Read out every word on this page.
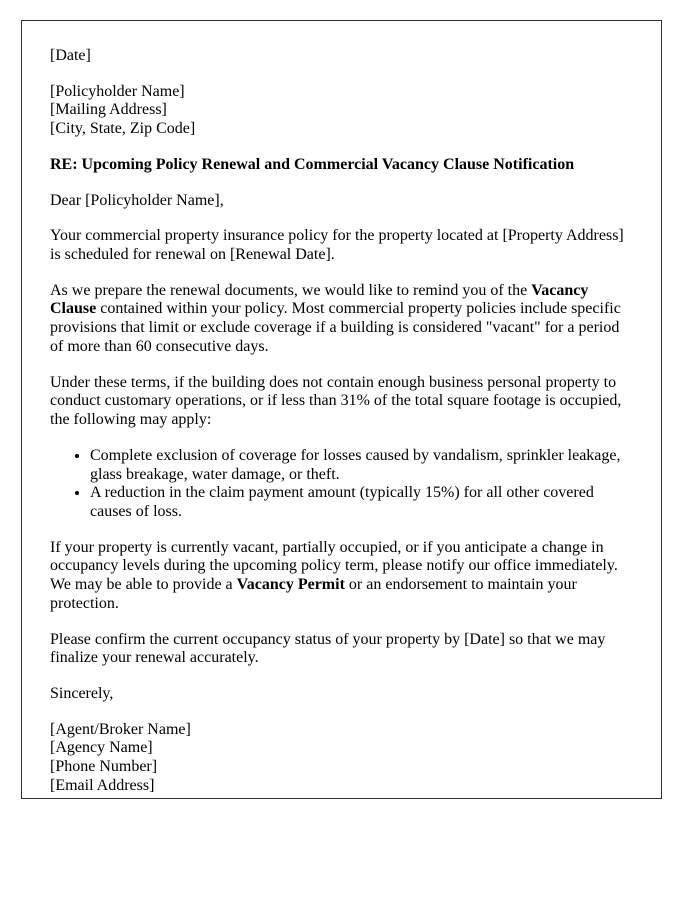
[Date]

[Policyholder Name]
[Mailing Address]
[City, State, Zip Code]

RE: Upcoming Policy Renewal and Commercial Vacancy Clause Notification

Dear [Policyholder Name],

Your commercial property insurance policy for the property located at [Property Address] is scheduled for renewal on [Renewal Date].

As we prepare the renewal documents, we would like to remind you of the Vacancy Clause contained within your policy. Most commercial property policies include specific provisions that limit or exclude coverage if a building is considered "vacant" for a period of more than 60 consecutive days.

Under these terms, if the building does not contain enough business personal property to conduct customary operations, or if less than 31% of the total square footage is occupied, the following may apply:

• Complete exclusion of coverage for losses caused by vandalism, sprinkler leakage, glass breakage, water damage, or theft.
• A reduction in the claim payment amount (typically 15%) for all other covered causes of loss.

If your property is currently vacant, partially occupied, or if you anticipate a change in occupancy levels during the upcoming policy term, please notify our office immediately. We may be able to provide a Vacancy Permit or an endorsement to maintain your protection.

Please confirm the current occupancy status of your property by [Date] so that we may finalize your renewal accurately.

Sincerely,

[Agent/Broker Name]
[Agency Name]
[Phone Number]
[Email Address]
